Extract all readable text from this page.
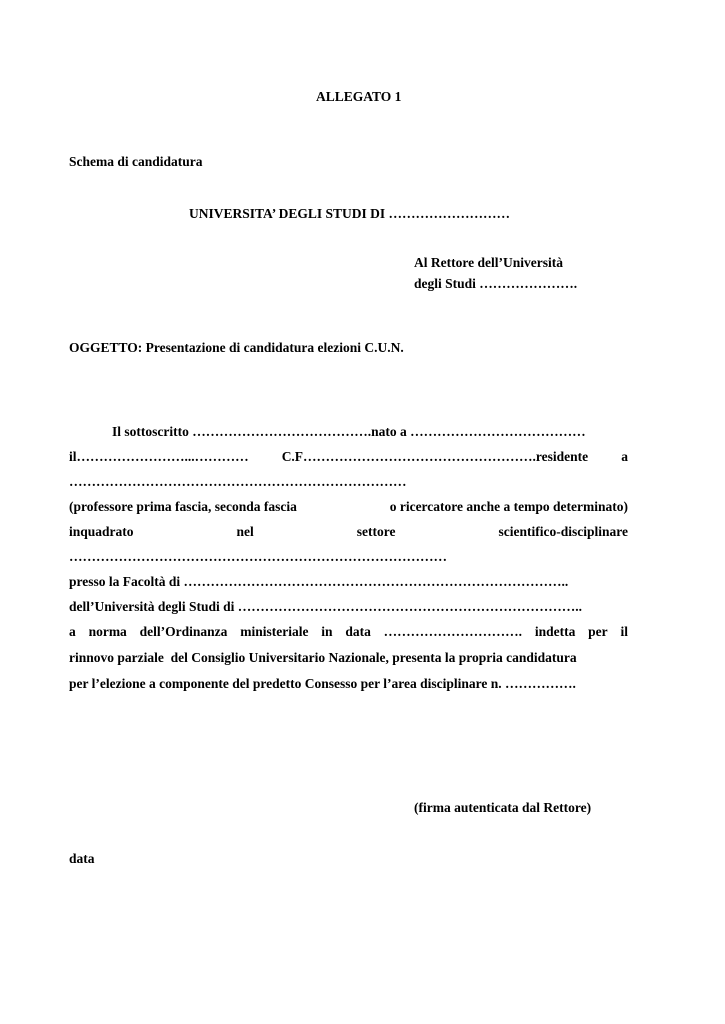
ALLEGATO 1
Schema di candidatura
UNIVERSITA’ DEGLI STUDI DI ………………………
Al Rettore dell’Università
degli Studi ………………….
OGGETTO: Presentazione di candidatura elezioni C.U.N.
Il sottoscritto ………………………………….nato a …………………………………
il……………………...………… C.F…………………………………………….residente a
…………………………………………………………………
(professore prima fascia, seconda fascia	o ricercatore anche a tempo determinato)
inquadrato	nel	settore	scientifico-disciplinare
…………………………………………………………………………
presso la Facoltà di …………………………………………………………………………..
dell’Università degli Studi di …………………………………………………………………..
a norma dell’Ordinanza ministeriale in data …………………………. indetta per il
rinnovo parziale  del Consiglio Universitario Nazionale, presenta la propria candidatura
per l’elezione a componente del predetto Consesso per l’area disciplinare n. …………….
(firma autenticata dal Rettore)
data
